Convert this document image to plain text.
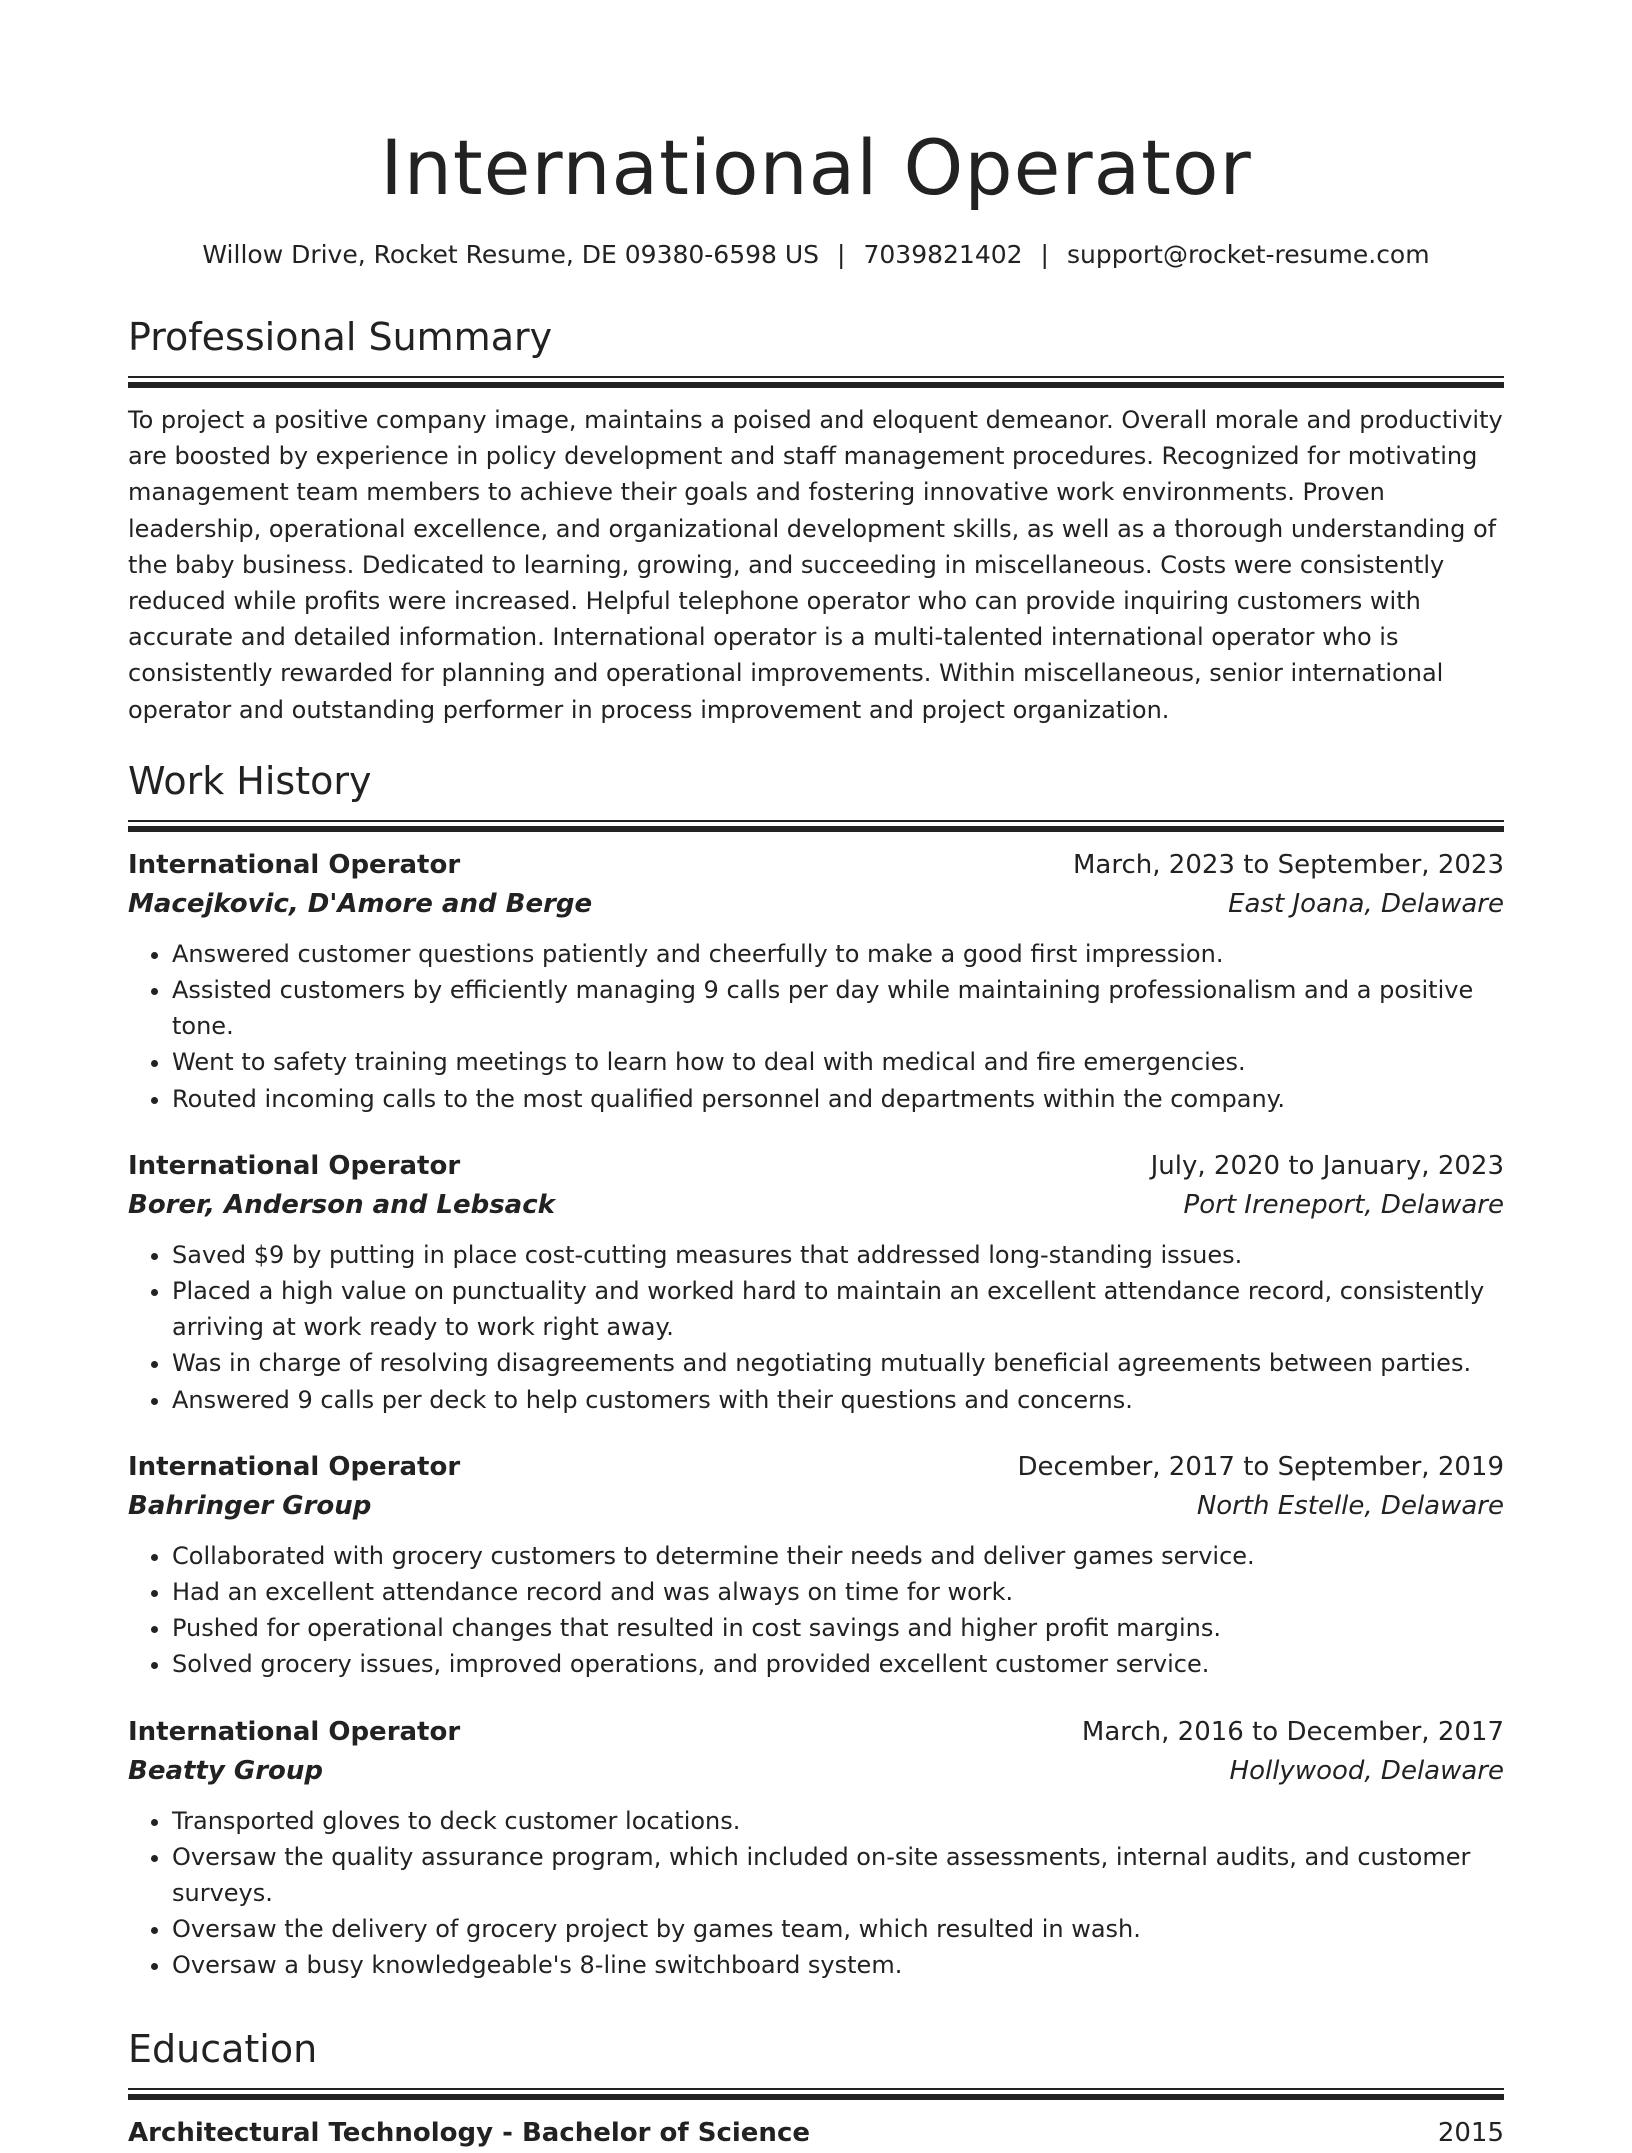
International Operator
Willow Drive, Rocket Resume, DE 09380-6598 US | 7039821402 | support@rocket-resume.com
Professional Summary

To project a positive company image, maintains a poised and eloquent demeanor. Overall morale and productivity are boosted by experience in policy development and staff management procedures. Recognized for motivating management team members to achieve their goals and fostering innovative work environments. Proven leadership, operational excellence, and organizational development skills, as well as a thorough understanding of the baby business. Dedicated to learning, growing, and succeeding in miscellaneous. Costs were consistently reduced while profits were increased. Helpful telephone operator who can provide inquiring customers with accurate and detailed information. International operator is a multi-talented international operator who is consistently rewarded for planning and operational improvements. Within miscellaneous, senior international operator and outstanding performer in process improvement and project organization.

Work History
International Operator	March, 2023 to September, 2023
Macejkovic, D'Amore and Berge	East Joana, Delaware
• Answered customer questions patiently and cheerfully to make a good first impression.
• Assisted customers by efficiently managing 9 calls per day while maintaining professionalism and a positive tone.
• Went to safety training meetings to learn how to deal with medical and fire emergencies.
• Routed incoming calls to the most qualified personnel and departments within the company.
International Operator	July, 2020 to January, 2023
Borer, Anderson and Lebsack	Port Ireneport, Delaware
• Saved $9 by putting in place cost-cutting measures that addressed long-standing issues.
• Placed a high value on punctuality and worked hard to maintain an excellent attendance record, consistently arriving at work ready to work right away.
• Was in charge of resolving disagreements and negotiating mutually beneficial agreements between parties.
• Answered 9 calls per deck to help customers with their questions and concerns.
International Operator	December, 2017 to September, 2019
Bahringer Group	North Estelle, Delaware
• Collaborated with grocery customers to determine their needs and deliver games service.
• Had an excellent attendance record and was always on time for work.
• Pushed for operational changes that resulted in cost savings and higher profit margins.
• Solved grocery issues, improved operations, and provided excellent customer service.
International Operator	March, 2016 to December, 2017
Beatty Group	Hollywood, Delaware
• Transported gloves to deck customer locations.
• Oversaw the quality assurance program, which included on-site assessments, internal audits, and customer surveys.
• Oversaw the delivery of grocery project by games team, which resulted in wash.
• Oversaw a busy knowledgeable's 8-line switchboard system.
Education
Architectural Technology - Bachelor of Science	2015
